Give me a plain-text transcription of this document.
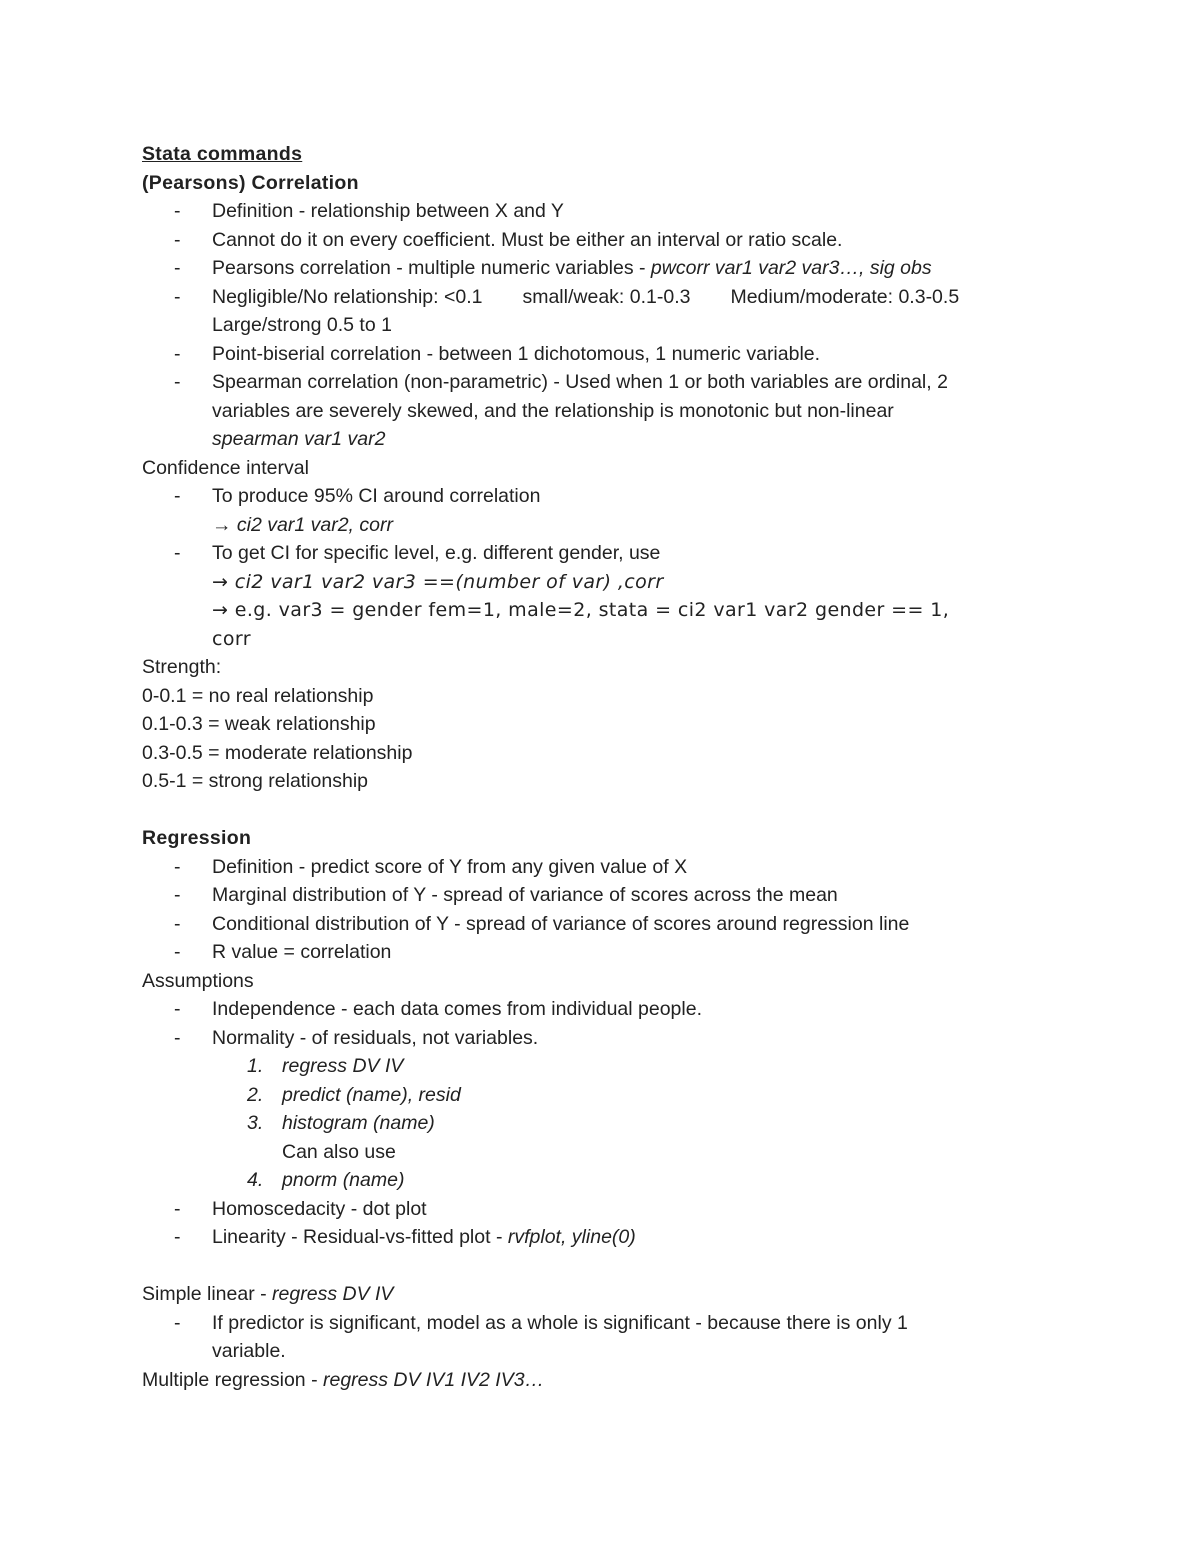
Stata commands
(Pearsons) Correlation
- Definition - relationship between X and Y
- Cannot do it on every coefficient. Must be either an interval or ratio scale.
- Pearsons correlation - multiple numeric variables - pwcorr var1 var2 var3…, sig obs
- Negligible/No relationship: <0.1 small/weak: 0.1-0.3 Medium/moderate: 0.3-0.5
Large/strong 0.5 to 1
- Point-biserial correlation - between 1 dichotomous, 1 numeric variable.
- Spearman correlation (non-parametric) - Used when 1 or both variables are ordinal, 2
variables are severely skewed, and the relationship is monotonic but non-linear
spearman var1 var2
Confidence interval
- To produce 95% CI around correlation
→ ci2 var1 var2, corr
- To get CI for specific level, e.g. different gender, use
→ ci2 var1 var2 var3 ==(number of var) ,corr
→ e.g. var3 = gender fem=1, male=2, stata = ci2 var1 var2 gender == 1,
corr
Strength:
0-0.1 = no real relationship
0.1-0.3 = weak relationship
0.3-0.5 = moderate relationship
0.5-1 = strong relationship
Regression
- Definition - predict score of Y from any given value of X
- Marginal distribution of Y - spread of variance of scores across the mean
- Conditional distribution of Y - spread of variance of scores around regression line
- R value = correlation
Assumptions
- Independence - each data comes from individual people.
- Normality - of residuals, not variables.
1. regress DV IV
2. predict (name), resid
3. histogram (name)
Can also use
4. pnorm (name)
- Homoscedacity - dot plot
- Linearity - Residual-vs-fitted plot - rvfplot, yline(0)
Simple linear - regress DV IV
- If predictor is significant, model as a whole is significant - because there is only 1
variable.
Multiple regression - regress DV IV1 IV2 IV3…
